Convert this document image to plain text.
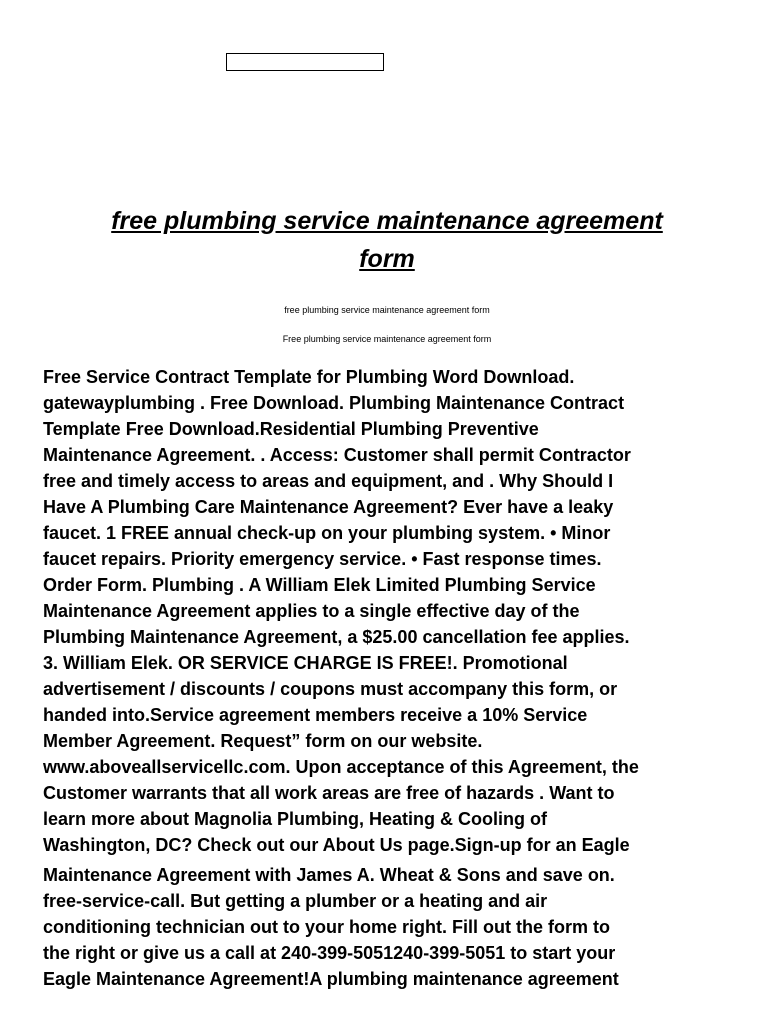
free plumbing service maintenance agreement
form

free plumbing service maintenance agreement form

Free plumbing service maintenance agreement form

Free Service Contract Template for Plumbing Word Download.
gatewayplumbing . Free Download. Plumbing Maintenance Contract
Template Free Download.Residential Plumbing Preventive
Maintenance Agreement. . Access: Customer shall permit Contractor
free and timely access to areas and equipment, and . Why Should I
Have A Plumbing Care Maintenance Agreement? Ever have a leaky
faucet. 1 FREE annual check-up on your plumbing system. • Minor
faucet repairs. Priority emergency service. • Fast response times.
Order Form. Plumbing . A William Elek Limited Plumbing Service
Maintenance Agreement applies to a single effective day of the
Plumbing Maintenance Agreement, a $25.00 cancellation fee applies.
3. William Elek. OR SERVICE CHARGE IS FREE!. Promotional
advertisement / discounts / coupons must accompany this form, or
handed into.Service agreement members receive a 10% Service
Member Agreement. Request” form on our website.
www.aboveallservicellc.com. Upon acceptance of this Agreement, the
Customer warrants that all work areas are free of hazards . Want to
learn more about Magnolia Plumbing, Heating & Cooling of
Washington, DC? Check out our About Us page.Sign-up for an Eagle
Maintenance Agreement with James A. Wheat & Sons and save on.
free-service-call. But getting a plumber or a heating and air
conditioning technician out to your home right. Fill out the form to
the right or give us a call at 240-399-5051240-399-5051 to start your
Eagle Maintenance Agreement!A plumbing maintenance agreement
